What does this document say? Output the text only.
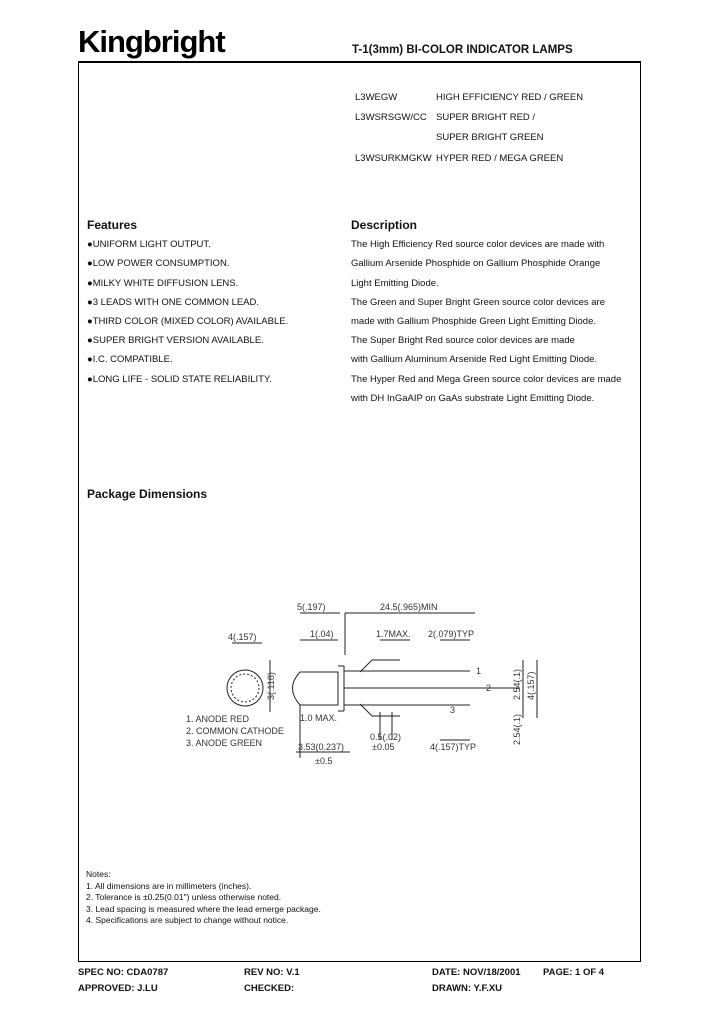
Kingbright	T-1(3mm) BI-COLOR INDICATOR LAMPS
L3WEGW	HIGH EFFICIENCY RED / GREEN
L3WSRSGW/CC SUPER BRIGHT RED /
SUPER BRIGHT GREEN
L3WSURKMGKW HYPER RED / MEGA GREEN
Features
●UNIFORM LIGHT OUTPUT.
●LOW POWER CONSUMPTION.
●MILKY WHITE DIFFUSION LENS.
●3 LEADS WITH ONE COMMON LEAD.
●THIRD COLOR (MIXED COLOR) AVAILABLE.
●SUPER BRIGHT VERSION AVAILABLE.
●I.C. COMPATIBLE.
●LONG LIFE - SOLID STATE RELIABILITY.
Description
The High Efficiency Red source color devices are made with
Gallium Arsenide Phosphide on Gallium Phosphide Orange
Light Emitting Diode.
The Green and Super Bright Green source color devices are
made with Gallium Phosphide Green Light Emitting Diode.
The Super Bright Red source color devices are made
with Gallium Aluminum Arsenide Red Light Emitting Diode.
The Hyper Red and Mega Green source color devices are made
with DH InGaAIP on GaAs substrate Light Emitting Diode.
Package Dimensions
5(.197)	24.5(.965)MIN
4(.157)	1(.04)	1.7MAX. 2(.079)TYP
3(.118)
1.0 MAX.
2.54(.1) 4(.157)
2.54(.1)
0.5(.02)
±0.05
3.53(0.237)
±0.5
4(.157)TYP
1
2
3
1. ANODE RED
2. COMMON CATHODE
3. ANODE GREEN
Notes:
1. All dimensions are in millimeters (inches).
2. Tolerance is ±0.25(0.01") unless otherwise noted.
3. Lead spacing is measured where the lead emerge package.
4. Specifications are subject to change without notice.
SPEC NO: CDA0787	REV NO: V.1	DATE: NOV/18/2001 PAGE: 1 OF 4
APPROVED: J.LU	CHECKED:	DRAWN: Y.F.XU
